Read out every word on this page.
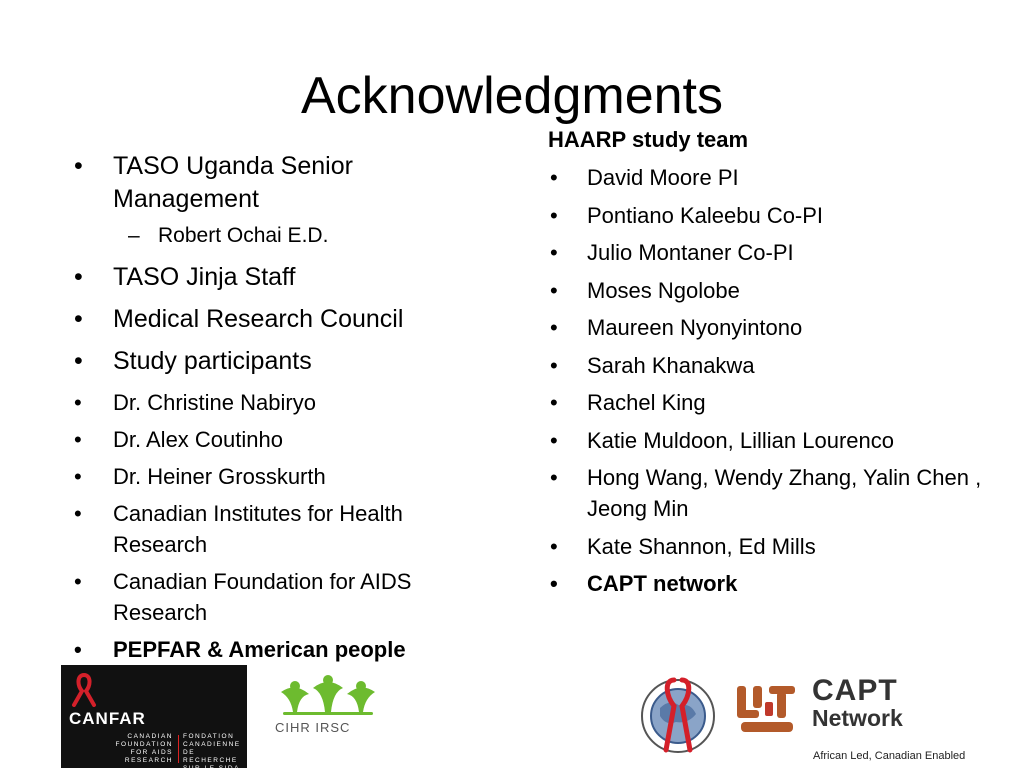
Acknowledgments
• TASO Uganda Senior Management
– Robert Ochai E.D.
• TASO Jinja Staff
• Medical Research Council
• Study participants
• Dr. Christine Nabiryo
• Dr. Alex Coutinho
• Dr. Heiner Grosskurth
• Canadian Institutes for Health Research
• Canadian Foundation for AIDS Research
• PEPFAR & American people
HAARP study team
• David Moore PI
• Pontiano Kaleebu Co-PI
• Julio Montaner Co-PI
• Moses Ngolobe
• Maureen Nyonyintono
• Sarah Khanakwa
• Rachel King
• Katie Muldoon, Lillian Lourenco
• Hong Wang, Wendy Zhang, Yalin Chen , Jeong Min
• Kate Shannon, Ed Mills
• CAPT network
CANFAR
CANADIAN
FOUNDATION
FOR AIDS
RESEARCH
FONDATION
CANADIENNE
DE RECHERCHE
SUR LE SIDA
CIHR IRSC
CAPT
Network
African Led, Canadian Enabled
